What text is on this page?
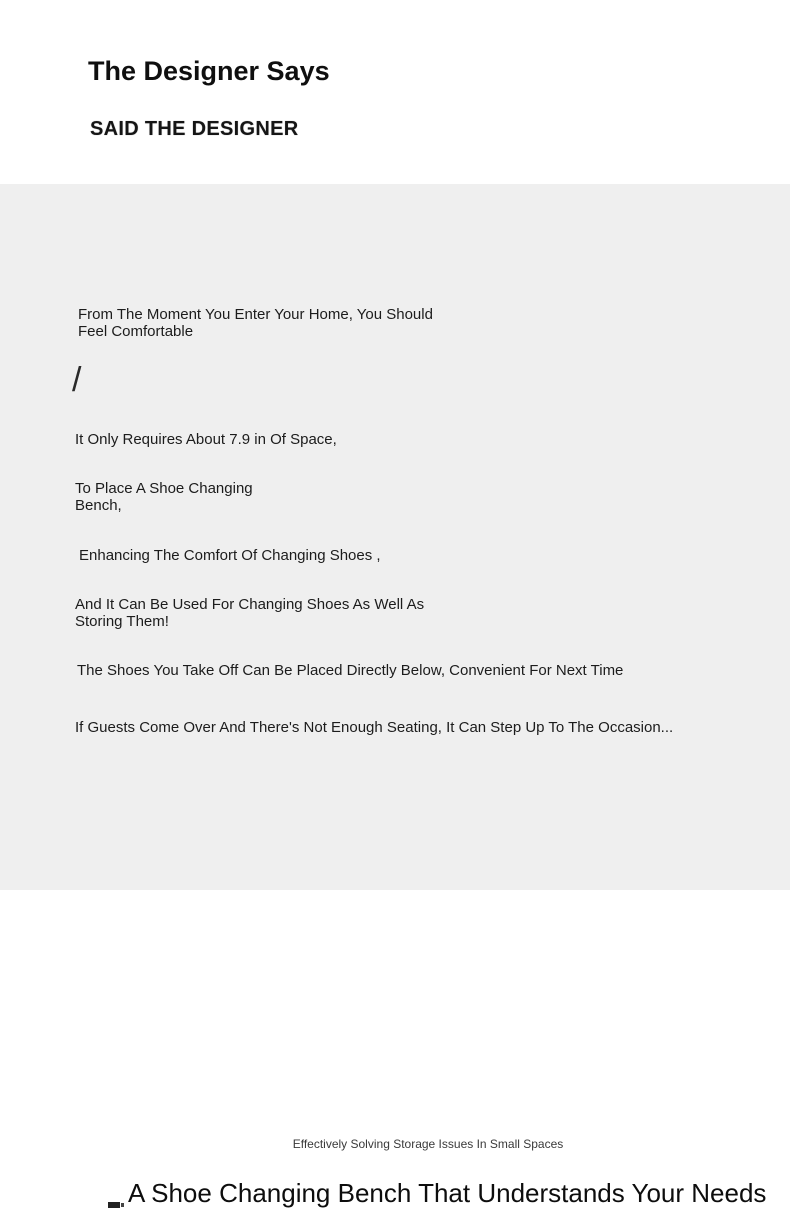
The Designer Says
SAID THE DESIGNER
From The Moment You Enter Your Home, You Should
Feel Comfortable
/
It Only Requires About 7.9 in Of Space,
To Place A Shoe Changing
Bench,
Enhancing The Comfort Of Changing Shoes ,
And It Can Be Used For Changing Shoes As Well As
Storing Them!
The Shoes You Take Off Can Be Placed Directly Below, Convenient For Next Time
If Guests Come Over And There's Not Enough Seating, It Can Step Up To The Occasion...
Effectively Solving Storage Issues In Small Spaces
A Shoe Changing Bench That Understands Your Needs
